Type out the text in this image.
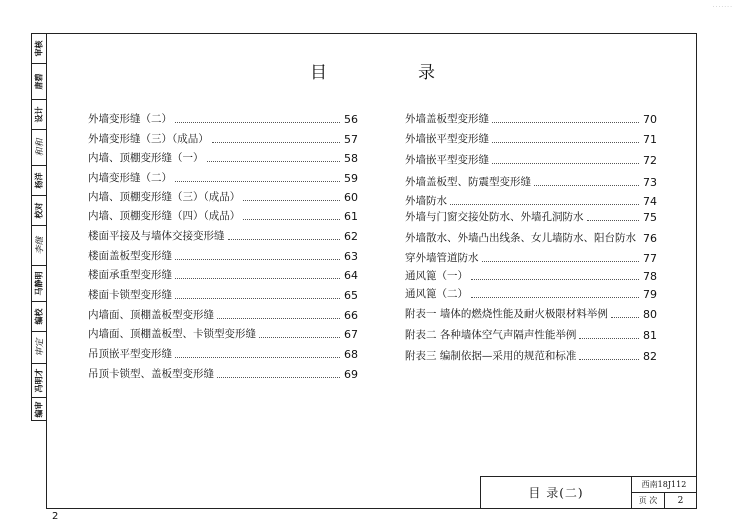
·······
审核
唐碧
设计
和和
杨洋
校对
李继
马静明
编校
审定
冯明才
编审
目	录
外墙变形缝（二）	56
外墙变形缝（三）（成品）	57
内墙、顶棚变形缝（一）	58
内墙变形缝（二）	59
内墙、顶棚变形缝（三）（成品）	60
内墙、顶棚变形缝（四）（成品）	61
楼面平接及与墙体交接变形缝	62
楼面盖板型变形缝	63
楼面承重型变形缝	64
楼面卡锁型变形缝	65
内墙面、顶棚盖板型变形缝	66
内墙面、顶棚盖板型、卡锁型变形缝	67
吊顶嵌平型变形缝	68
吊顶卡锁型、盖板型变形缝	69
外墙盖板型变形缝	70
外墙嵌平型变形缝	71
外墙嵌平型变形缝	72
外墙盖板型、防震型变形缝	73
外墙防水	74
外墙与门窗交接处防水、外墙孔洞防水	75
外墙散水、外墙凸出线条、女儿墙防水、阳台防水 76
穿外墙管道防水	77
通风篦（一）	78
通风篦（二）	79
附表一 墙体的燃烧性能及耐火极限材料举例	80
附表二 各种墙体空气声隔声性能举例	81
附表三 编制依据—采用的规范和标准	82
目 录(二)
西南18J112
页 次	2
2
